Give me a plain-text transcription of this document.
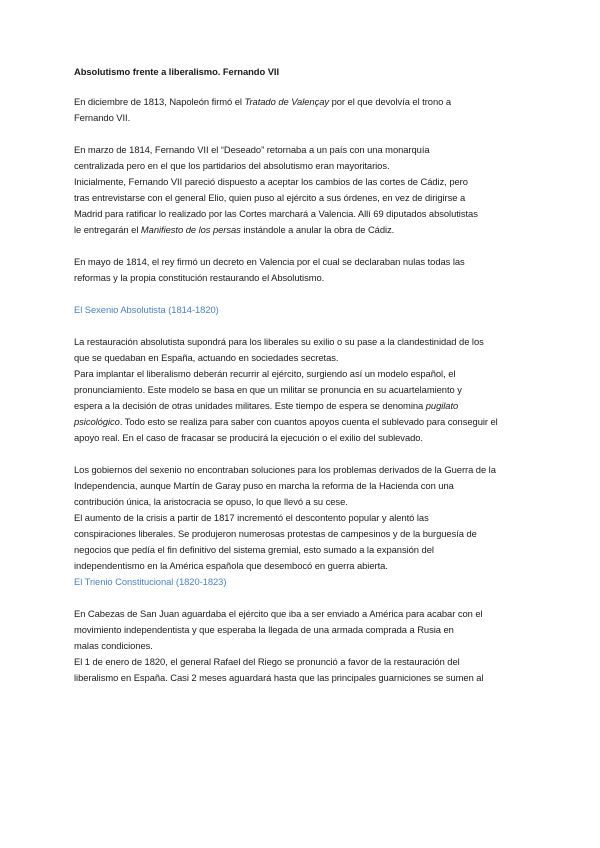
Absolutismo frente a liberalismo. Fernando VII

En diciembre de 1813, Napoleón firmó el Tratado de Valençay por el que devolvía el trono a
Fernando VII.

En marzo de 1814, Fernando VII el “Deseado” retornaba a un país con una monarquía
centralizada pero en el que los partidarios del absolutismo eran mayoritarios.

Inicialmente, Fernando VII pareció dispuesto a aceptar los cambios de las cortes de Cádiz, pero
tras entrevistarse con el general Elio, quien puso al ejército a sus órdenes, en vez de dirigirse a
Madrid para ratificar lo realizado por las Cortes marchará a Valencia. Allí 69 diputados absolutistas
le entregarán el Manifiesto de los persas instándole a anular la obra de Cádiz.

En mayo de 1814, el rey firmó un decreto en Valencia por el cual se declaraban nulas todas las
reformas y la propia constitución restaurando el Absolutismo.

El Sexenio Absolutista (1814-1820)

La restauración absolutista supondrá para los liberales su exilio o su pase a la clandestinidad de los
que se quedaban en España, actuando en sociedades secretas.

Para implantar el liberalismo deberán recurrir al ejército, surgiendo así un modelo español, el
pronunciamiento. Este modelo se basa en que un militar se pronuncia en su acuartelamiento y
espera a la decisión de otras unidades militares. Este tiempo de espera se denomina pugilato
psicológico. Todo esto se realiza para saber con cuantos apoyos cuenta el sublevado para conseguir el
apoyo real. En el caso de fracasar se producirá la ejecución o el exilio del sublevado.

Los gobiernos del sexenio no encontraban soluciones para los problemas derivados de la Guerra de la
Independencia, aunque Martín de Garay puso en marcha la reforma de la Hacienda con una
contribución única, la aristocracia se opuso, lo que llevó a su cese.

El aumento de la crisis a partir de 1817 incrementó el descontento popular y alentó las
conspiraciones liberales. Se produjeron numerosas protestas de campesinos y de la burguesía de
negocios que pedía el fin definitivo del sistema gremial, esto sumado a la expansión del
independentismo en la América española que desembocó en guerra abierta.

El Trienio Constitucional (1820-1823)

En Cabezas de San Juan aguardaba el ejército que iba a ser enviado a América para acabar con el
movimiento independentista y que esperaba la llegada de una armada comprada a Rusia en
malas condiciones.

El 1 de enero de 1820, el general Rafael del Riego se pronunció a favor de la restauración del
liberalismo en España. Casi 2 meses aguardará hasta que las principales guarniciones se sumen al
